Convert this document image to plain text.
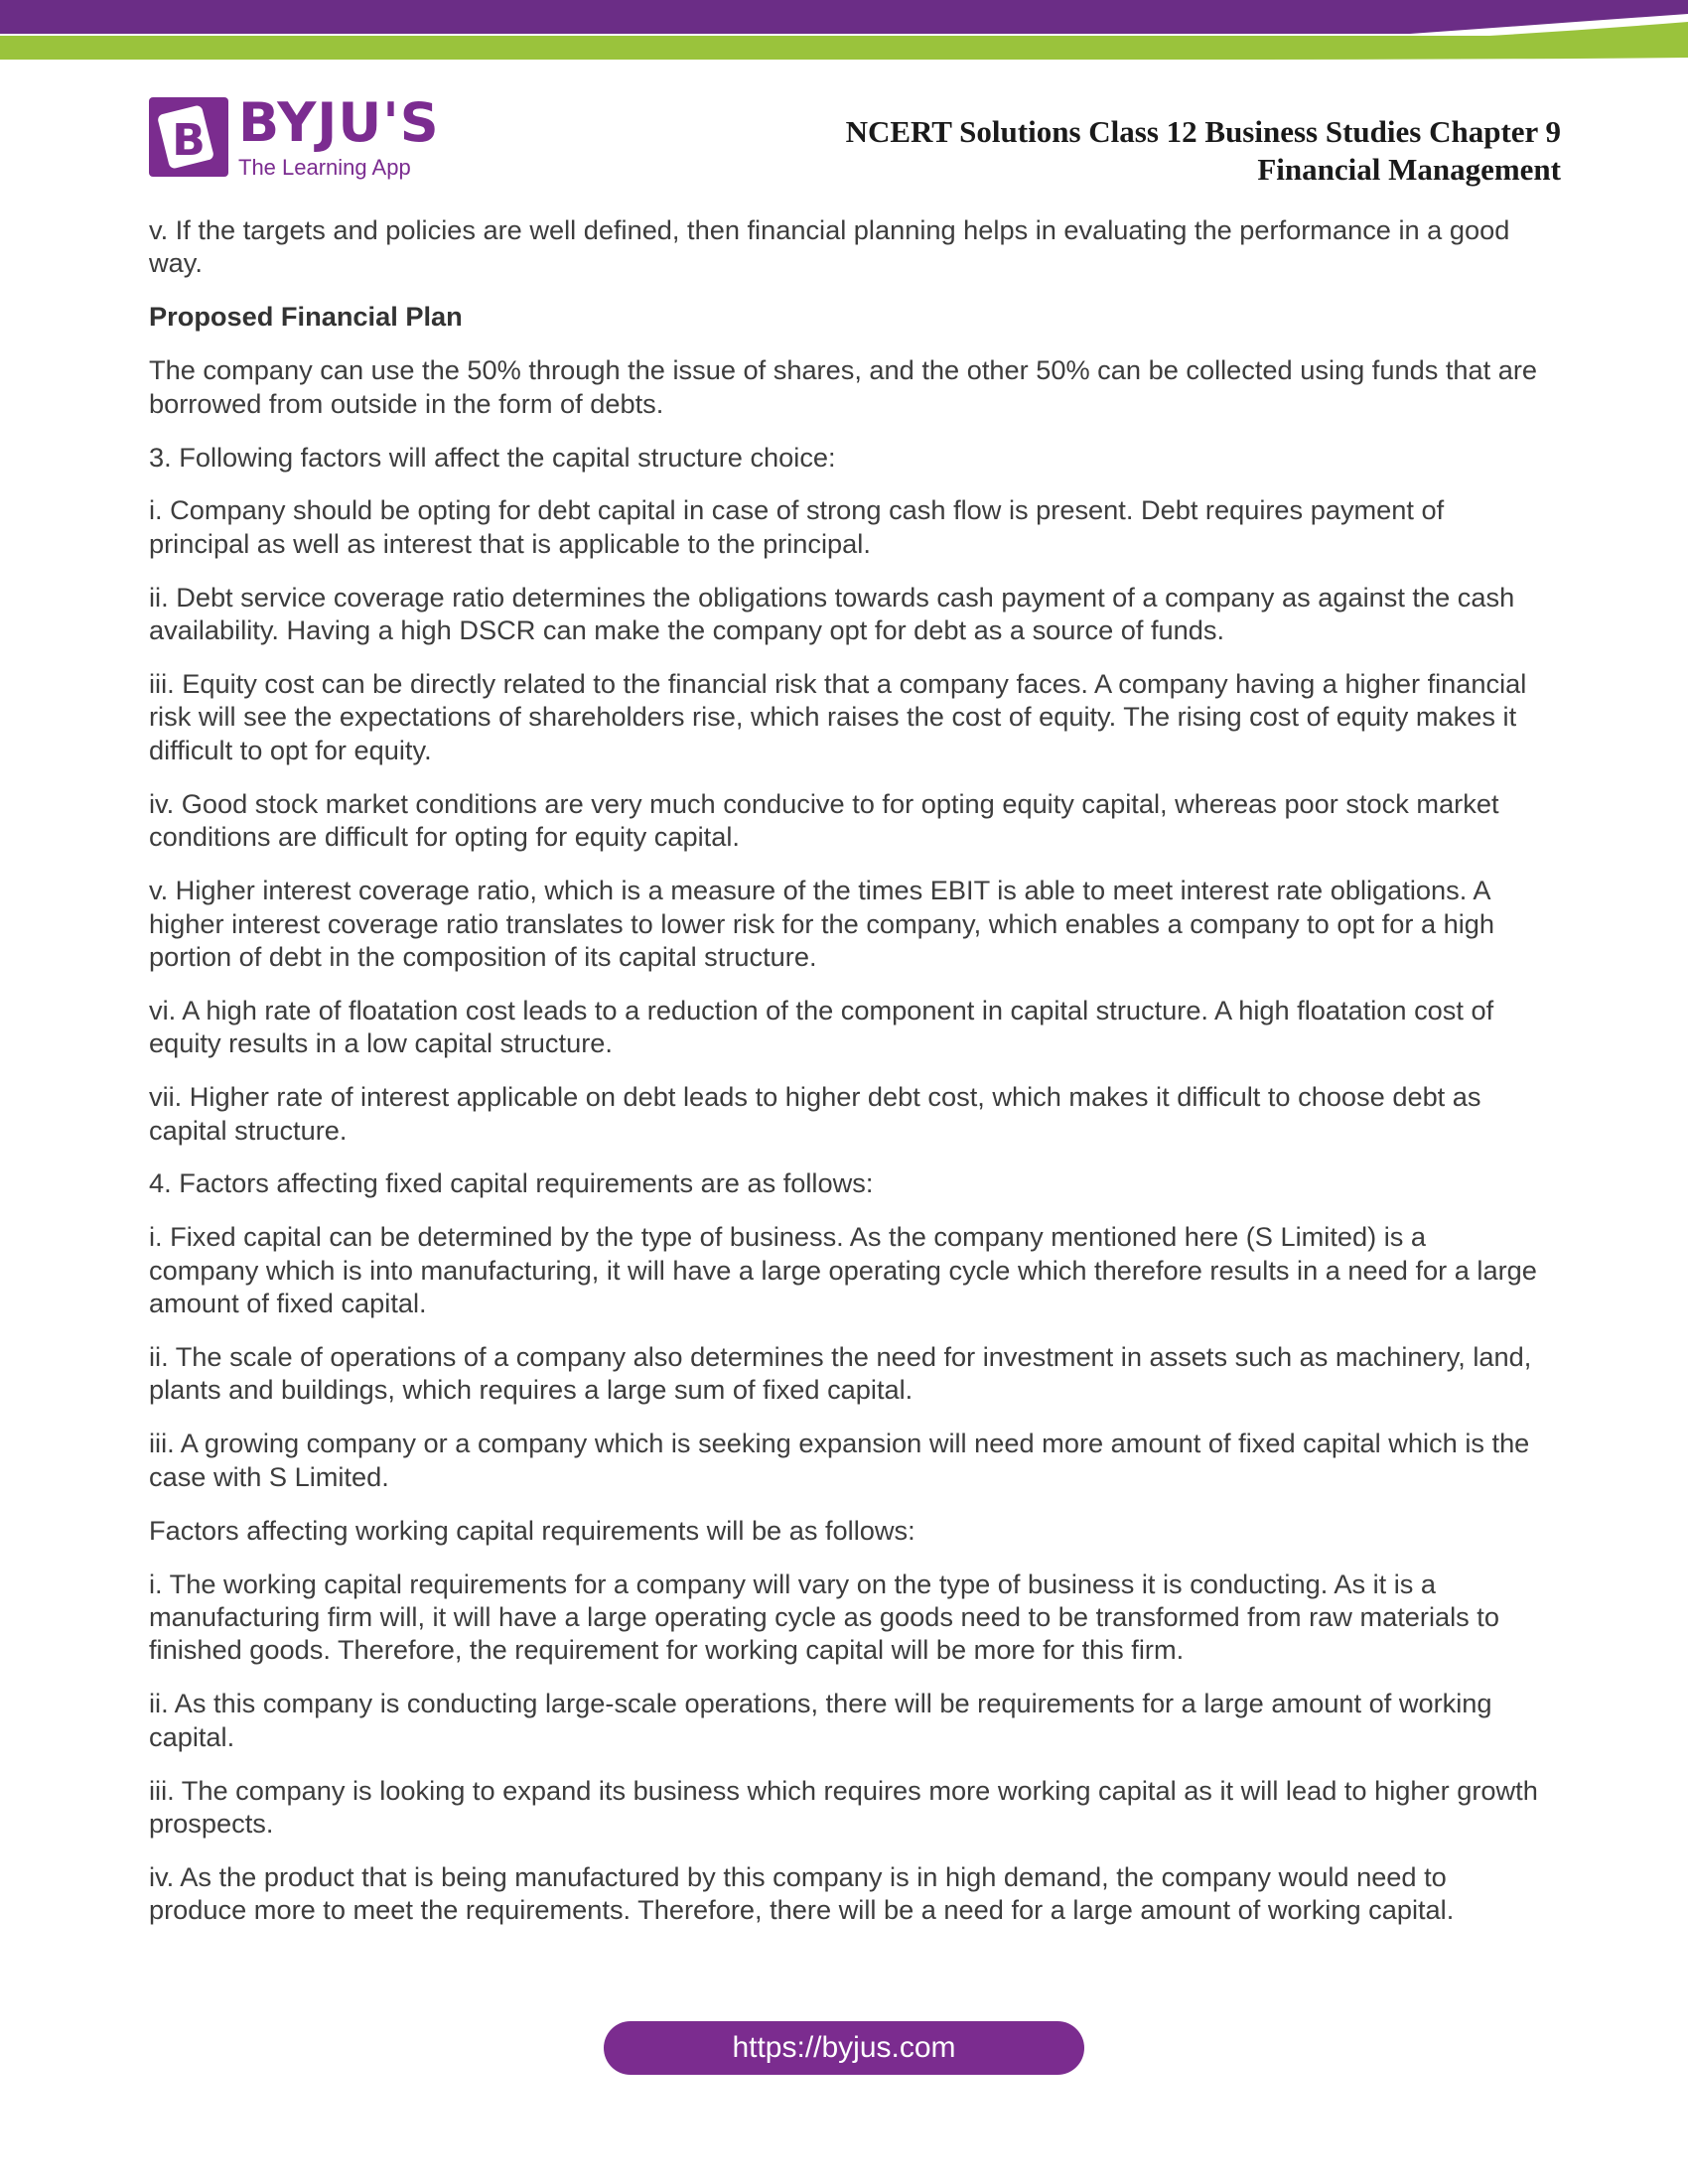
B BYJU'S
The Learning App
NCERT Solutions Class 12 Business Studies Chapter 9
Financial Management

v. If the targets and policies are well defined, then financial planning helps in evaluating the performance in a good way.

Proposed Financial Plan

The company can use the 50% through the issue of shares, and the other 50% can be collected using funds that are borrowed from outside in the form of debts.

3. Following factors will affect the capital structure choice:

i. Company should be opting for debt capital in case of strong cash flow is present. Debt requires payment of principal as well as interest that is applicable to the principal.

ii. Debt service coverage ratio determines the obligations towards cash payment of a company as against the cash availability. Having a high DSCR can make the company opt for debt as a source of funds.

iii. Equity cost can be directly related to the financial risk that a company faces. A company having a higher financial risk will see the expectations of shareholders rise, which raises the cost of equity. The rising cost of equity makes it difficult to opt for equity.

iv. Good stock market conditions are very much conducive to for opting equity capital, whereas poor stock market conditions are difficult for opting for equity capital.

v. Higher interest coverage ratio, which is a measure of the times EBIT is able to meet interest rate obligations. A higher interest coverage ratio translates to lower risk for the company, which enables a company to opt for a high portion of debt in the composition of its capital structure.

vi. A high rate of floatation cost leads to a reduction of the component in capital structure. A high floatation cost of equity results in a low capital structure.

vii. Higher rate of interest applicable on debt leads to higher debt cost, which makes it difficult to choose debt as capital structure.

4. Factors affecting fixed capital requirements are as follows:

i. Fixed capital can be determined by the type of business. As the company mentioned here (S Limited) is a company which is into manufacturing, it will have a large operating cycle which therefore results in a need for a large amount of fixed capital.

ii. The scale of operations of a company also determines the need for investment in assets such as machinery, land, plants and buildings, which requires a large sum of fixed capital.

iii. A growing company or a company which is seeking expansion will need more amount of fixed capital which is the case with S Limited.

Factors affecting working capital requirements will be as follows:

i. The working capital requirements for a company will vary on the type of business it is conducting. As it is a manufacturing firm will, it will have a large operating cycle as goods need to be transformed from raw materials to finished goods. Therefore, the requirement for working capital will be more for this firm.

ii. As this company is conducting large-scale operations, there will be requirements for a large amount of working capital.

iii. The company is looking to expand its business which requires more working capital as it will lead to higher growth prospects.

iv. As the product that is being manufactured by this company is in high demand, the company would need to produce more to meet the requirements. Therefore, there will be a need for a large amount of working capital.

https://byjus.com
